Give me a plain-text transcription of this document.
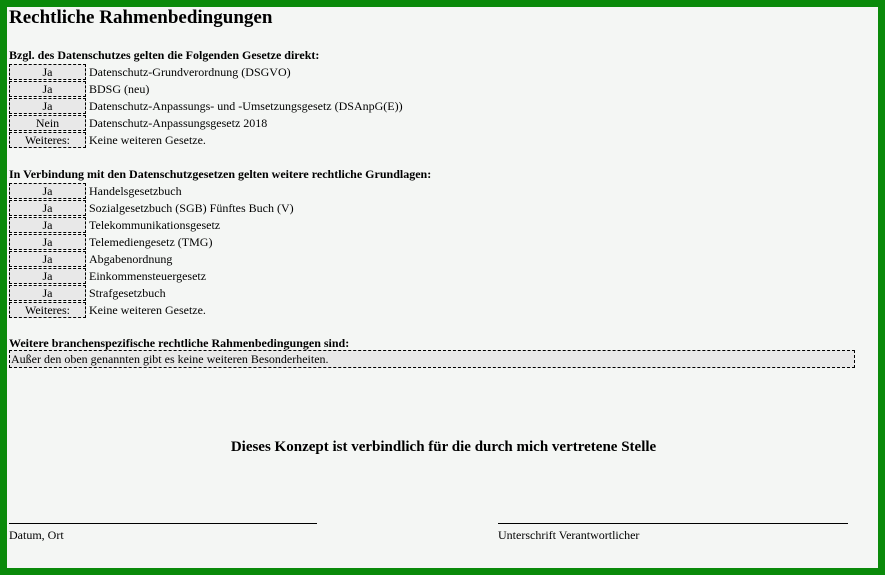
Rechtliche Rahmenbedingungen
Bzgl. des Datenschutzes gelten die Folgenden Gesetze direkt:
Ja	Datenschutz-Grundverordnung (DSGVO)
Ja	BDSG (neu)
Ja	Datenschutz-Anpassungs- und -Umsetzungsgesetz (DSAnpG(E))
Nein	Datenschutz-Anpassungsgesetz 2018
Weiteres:	Keine weiteren Gesetze.
In Verbindung mit den Datenschutzgesetzen gelten weitere rechtliche Grundlagen:
Ja	Handelsgesetzbuch
Ja	Sozialgesetzbuch (SGB) Fünftes Buch (V)
Ja	Telekommunikationsgesetz
Ja	Telemediengesetz (TMG)
Ja	Abgabenordnung
Ja	Einkommensteuergesetz
Ja	Strafgesetzbuch
Weiteres:	Keine weiteren Gesetze.
Weitere branchenspezifische rechtliche Rahmenbedingungen sind:
Außer den oben genannten gibt es keine weiteren Besonderheiten.
Dieses Konzept ist verbindlich für die durch mich vertretene Stelle
Datum, Ort	Unterschrift Verantwortlicher
